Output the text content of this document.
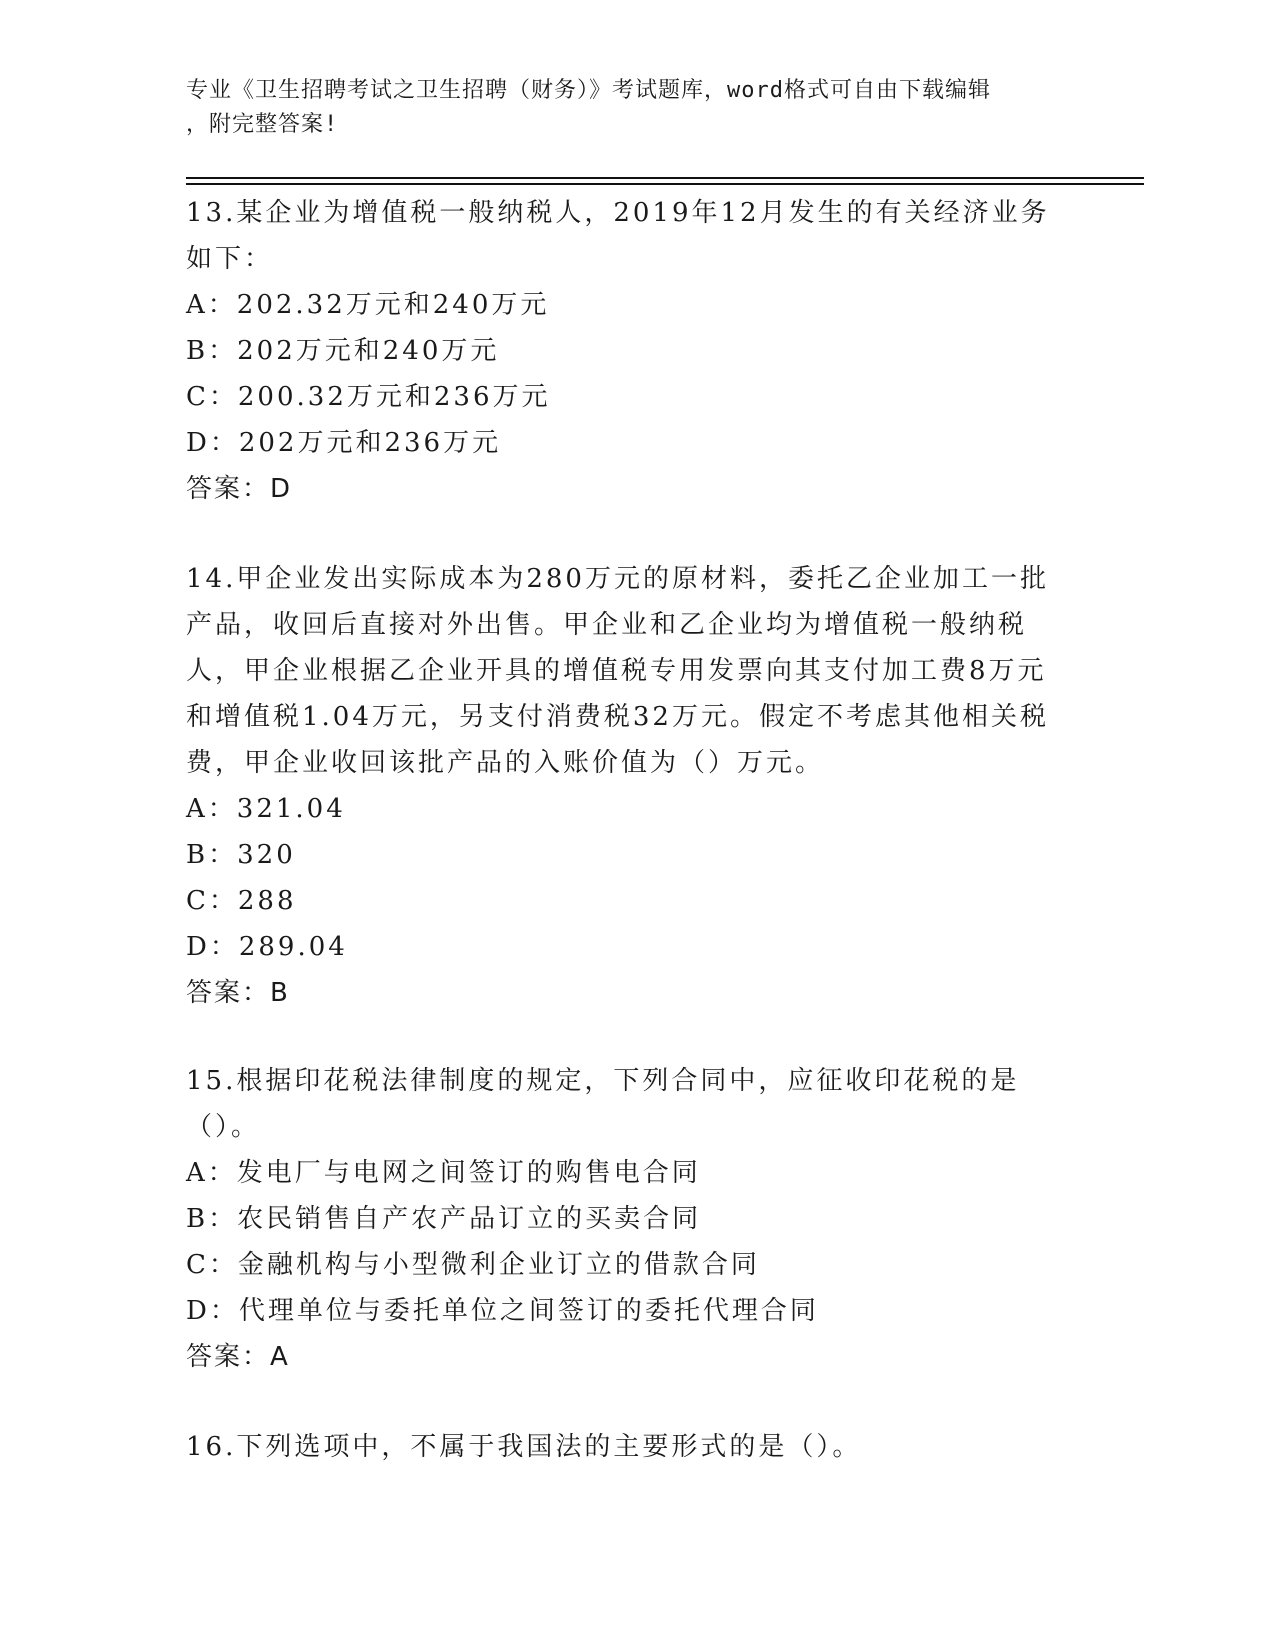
专业《卫生招聘考试之卫生招聘（财务）》考试题库，word格式可自由下载编辑
，附完整答案!

13.某企业为增值税一般纳税人，2019年12月发生的有关经济业务如下：

A：202.32万元和240万元

B：202万元和240万元

C：200.32万元和236万元

D：202万元和236万元

答案：D

14.甲企业发出实际成本为280万元的原材料，委托乙企业加工一批产品，收回后直接对外出售。甲企业和乙企业均为增值税一般纳税人，甲企业根据乙企业开具的增值税专用发票向其支付加工费8万元和增值税1.04万元，另支付消费税32万元。假定不考虑其他相关税费，甲企业收回该批产品的入账价值为（）万元。

A：321.04

B：320

C：288

D：289.04

答案：B

15.根据印花税法律制度的规定，下列合同中，应征收印花税的是（）。

A：发电厂与电网之间签订的购售电合同

B：农民销售自产农产品订立的买卖合同

C：金融机构与小型微利企业订立的借款合同

D：代理单位与委托单位之间签订的委托代理合同

答案：A

16.下列选项中，不属于我国法的主要形式的是（）。
